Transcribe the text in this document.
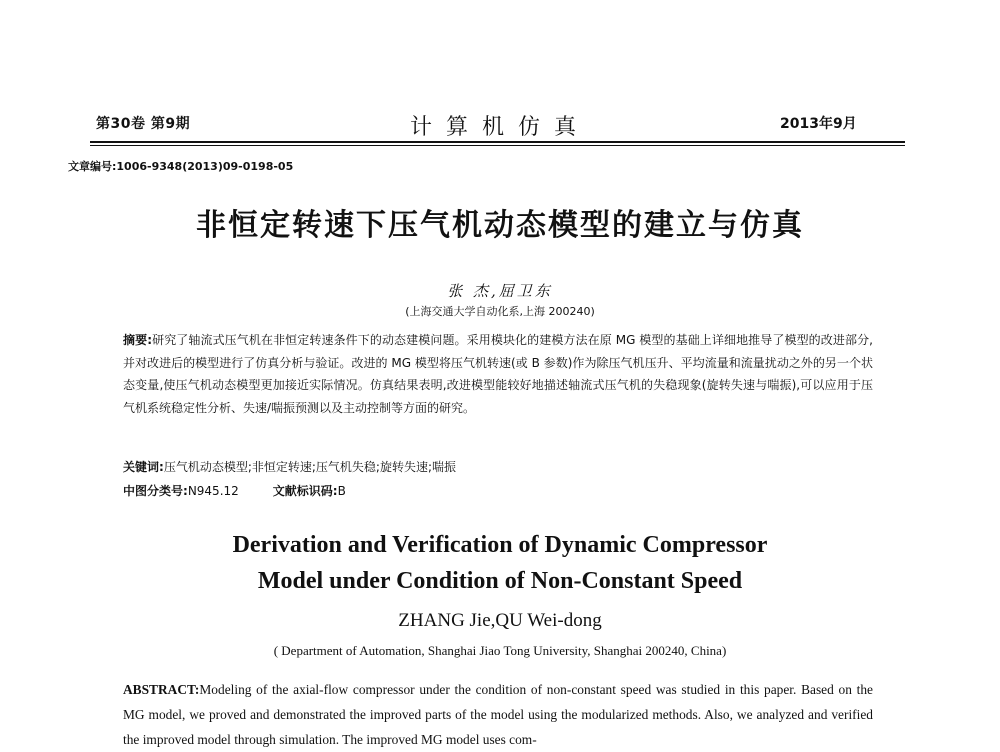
第30卷 第9期	计算机仿真	2013年9月
文章编号:1006-9348(2013)09-0198-05
非恒定转速下压气机动态模型的建立与仿真
张 杰,屈卫东
(上海交通大学自动化系,上海 200240)
摘要:研究了轴流式压气机在非恒定转速条件下的动态建模问题。采用模块化的建模方法在原 MG 模型的基础上详细地推导了模型的改进部分,并对改进后的模型进行了仿真分析与验证。改进的 MG 模型将压气机转速(或 B 参数)作为除压气机压升、平均流量和流量扰动之外的另一个状态变量,使压气机动态模型更加接近实际情况。仿真结果表明,改进模型能较好地描述轴流式压气机的失稳现象(旋转失速与喘振),可以应用于压气机系统稳定性分析、失速/喘振预测以及主动控制等方面的研究。
关键词:压气机动态模型;非恒定转速;压气机失稳;旋转失速;喘振
中图分类号:N945.12	文献标识码:B
Derivation and Verification of Dynamic Compressor
Model under Condition of Non-Constant Speed
ZHANG Jie,QU Wei-dong
( Department of Automation, Shanghai Jiao Tong University, Shanghai 200240, China)
ABSTRACT:Modeling of the axial-flow compressor under the condition of non-constant speed was studied in this paper. Based on the MG model, we proved and demonstrated the improved parts of the model using the modularized methods. Also, we analyzed and verified the improved model through simulation. The improved MG model uses com-
